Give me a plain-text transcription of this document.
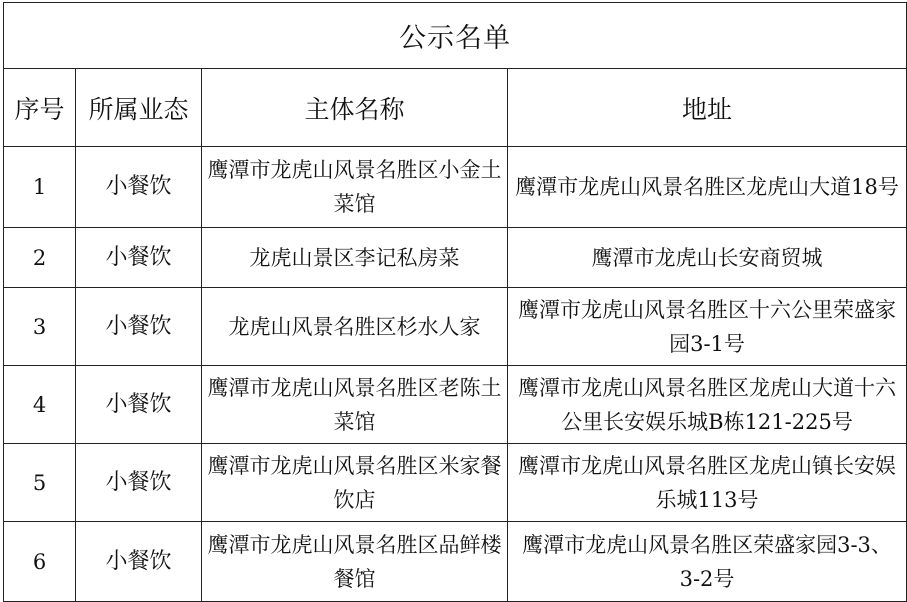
公示名单			
序号	所属业态	主体名称	地址
1	小餐饮	鹰潭市龙虎山风景名胜区小金土菜馆	鹰潭市龙虎山风景名胜区龙虎山大道18号
2	小餐饮	龙虎山景区李记私房菜	鹰潭市龙虎山长安商贸城
3	小餐饮	龙虎山风景名胜区杉水人家	鹰潭市龙虎山风景名胜区十六公里荣盛家园3-1号
4	小餐饮	鹰潭市龙虎山风景名胜区老陈土菜馆	鹰潭市龙虎山风景名胜区龙虎山大道十六公里长安娱乐城B栋121-225号
5	小餐饮	鹰潭市龙虎山风景名胜区米家餐饮店	鹰潭市龙虎山风景名胜区龙虎山镇长安娱乐城113号
6	小餐饮	鹰潭市龙虎山风景名胜区品鲜楼餐馆	鹰潭市龙虎山风景名胜区荣盛家园3-3、3-2号
